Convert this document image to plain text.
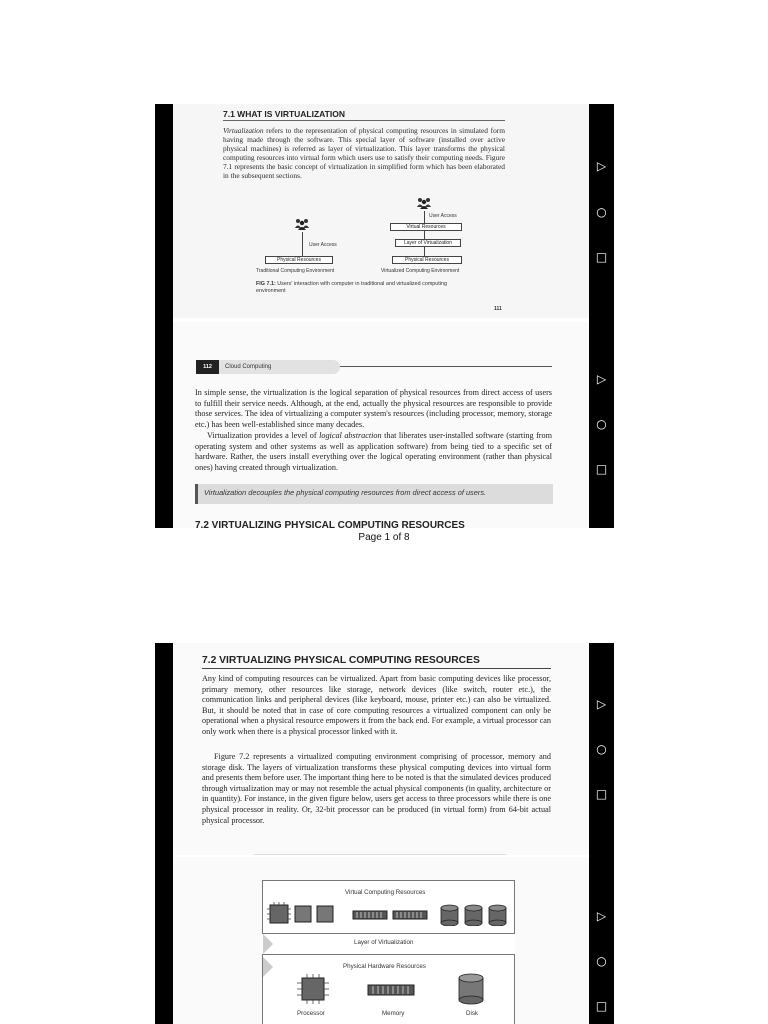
▷
○
□
▷
○
□
7.1 WHAT IS VIRTUALIZATION
Virtualization refers to the representation of physical computing resources in simulated form having made through the software. This special layer of software (installed over active physical machines) is referred as layer of virtualization. This layer transforms the physical computing resources into virtual form which users use to satisfy their computing needs. Figure 7.1 represents the basic concept of virtualization in simplified form which has been elaborated in the subsequent sections.
User Access
Physical Resources
Traditional Computing Environment
User Access
Virtual Resources
Layer of Virtualization
Physical Resources
Virtualized Computing Environment
FIG 7.1: Users' interaction with computer in traditional and virtualized computing environment
111
112	Cloud Computing
In simple sense, the virtualization is the logical separation of physical resources from direct access of users to fulfill their service needs. Although, at the end, actually the physical resources are responsible to provide those services. The idea of virtualizing a computer system's resources (including processor, memory, storage etc.) has been well-established since many decades.
Virtualization provides a level of logical abstraction that liberates user-installed software (starting from operating system and other systems as well as application software) from being tied to a specific set of hardware. Rather, the users install everything over the logical operating environment (rather than physical ones) having created through virtualization.
Virtualization decouples the physical computing resources from direct access of users.
7.2 VIRTUALIZING PHYSICAL COMPUTING RESOURCES
Page 1 of 8
▷
○
□
▷
○
□
7.2 VIRTUALIZING PHYSICAL COMPUTING RESOURCES
Any kind of computing resources can be virtualized. Apart from basic computing devices like processor, primary memory, other resources like storage, network devices (like switch, router etc.), the communication links and peripheral devices (like keyboard, mouse, printer etc.) can also be virtualized. But, it should be noted that in case of core computing resources a virtualized component can only be operational when a physical resource empowers it from the back end. For example, a virtual processor can only work when there is a physical processor linked with it.
Figure 7.2 represents a virtualized computing environment comprising of processor, memory and storage disk. The layers of virtualization transforms these physical computing devices into virtual form and presents them before user. The important thing here to be noted is that the simulated devices produced through virtualization may or may not resemble the actual physical components (in quality, architecture or in quantity). For instance, in the given figure below, users get access to three processors while there is one physical processor in reality. Or, 32-bit processor can be produced (in virtual form) from 64-bit actual physical processor.
Virtual Computing Resources
Layer of Virtualization
Physical Hardware Resources
Processor	Memory	Disk
